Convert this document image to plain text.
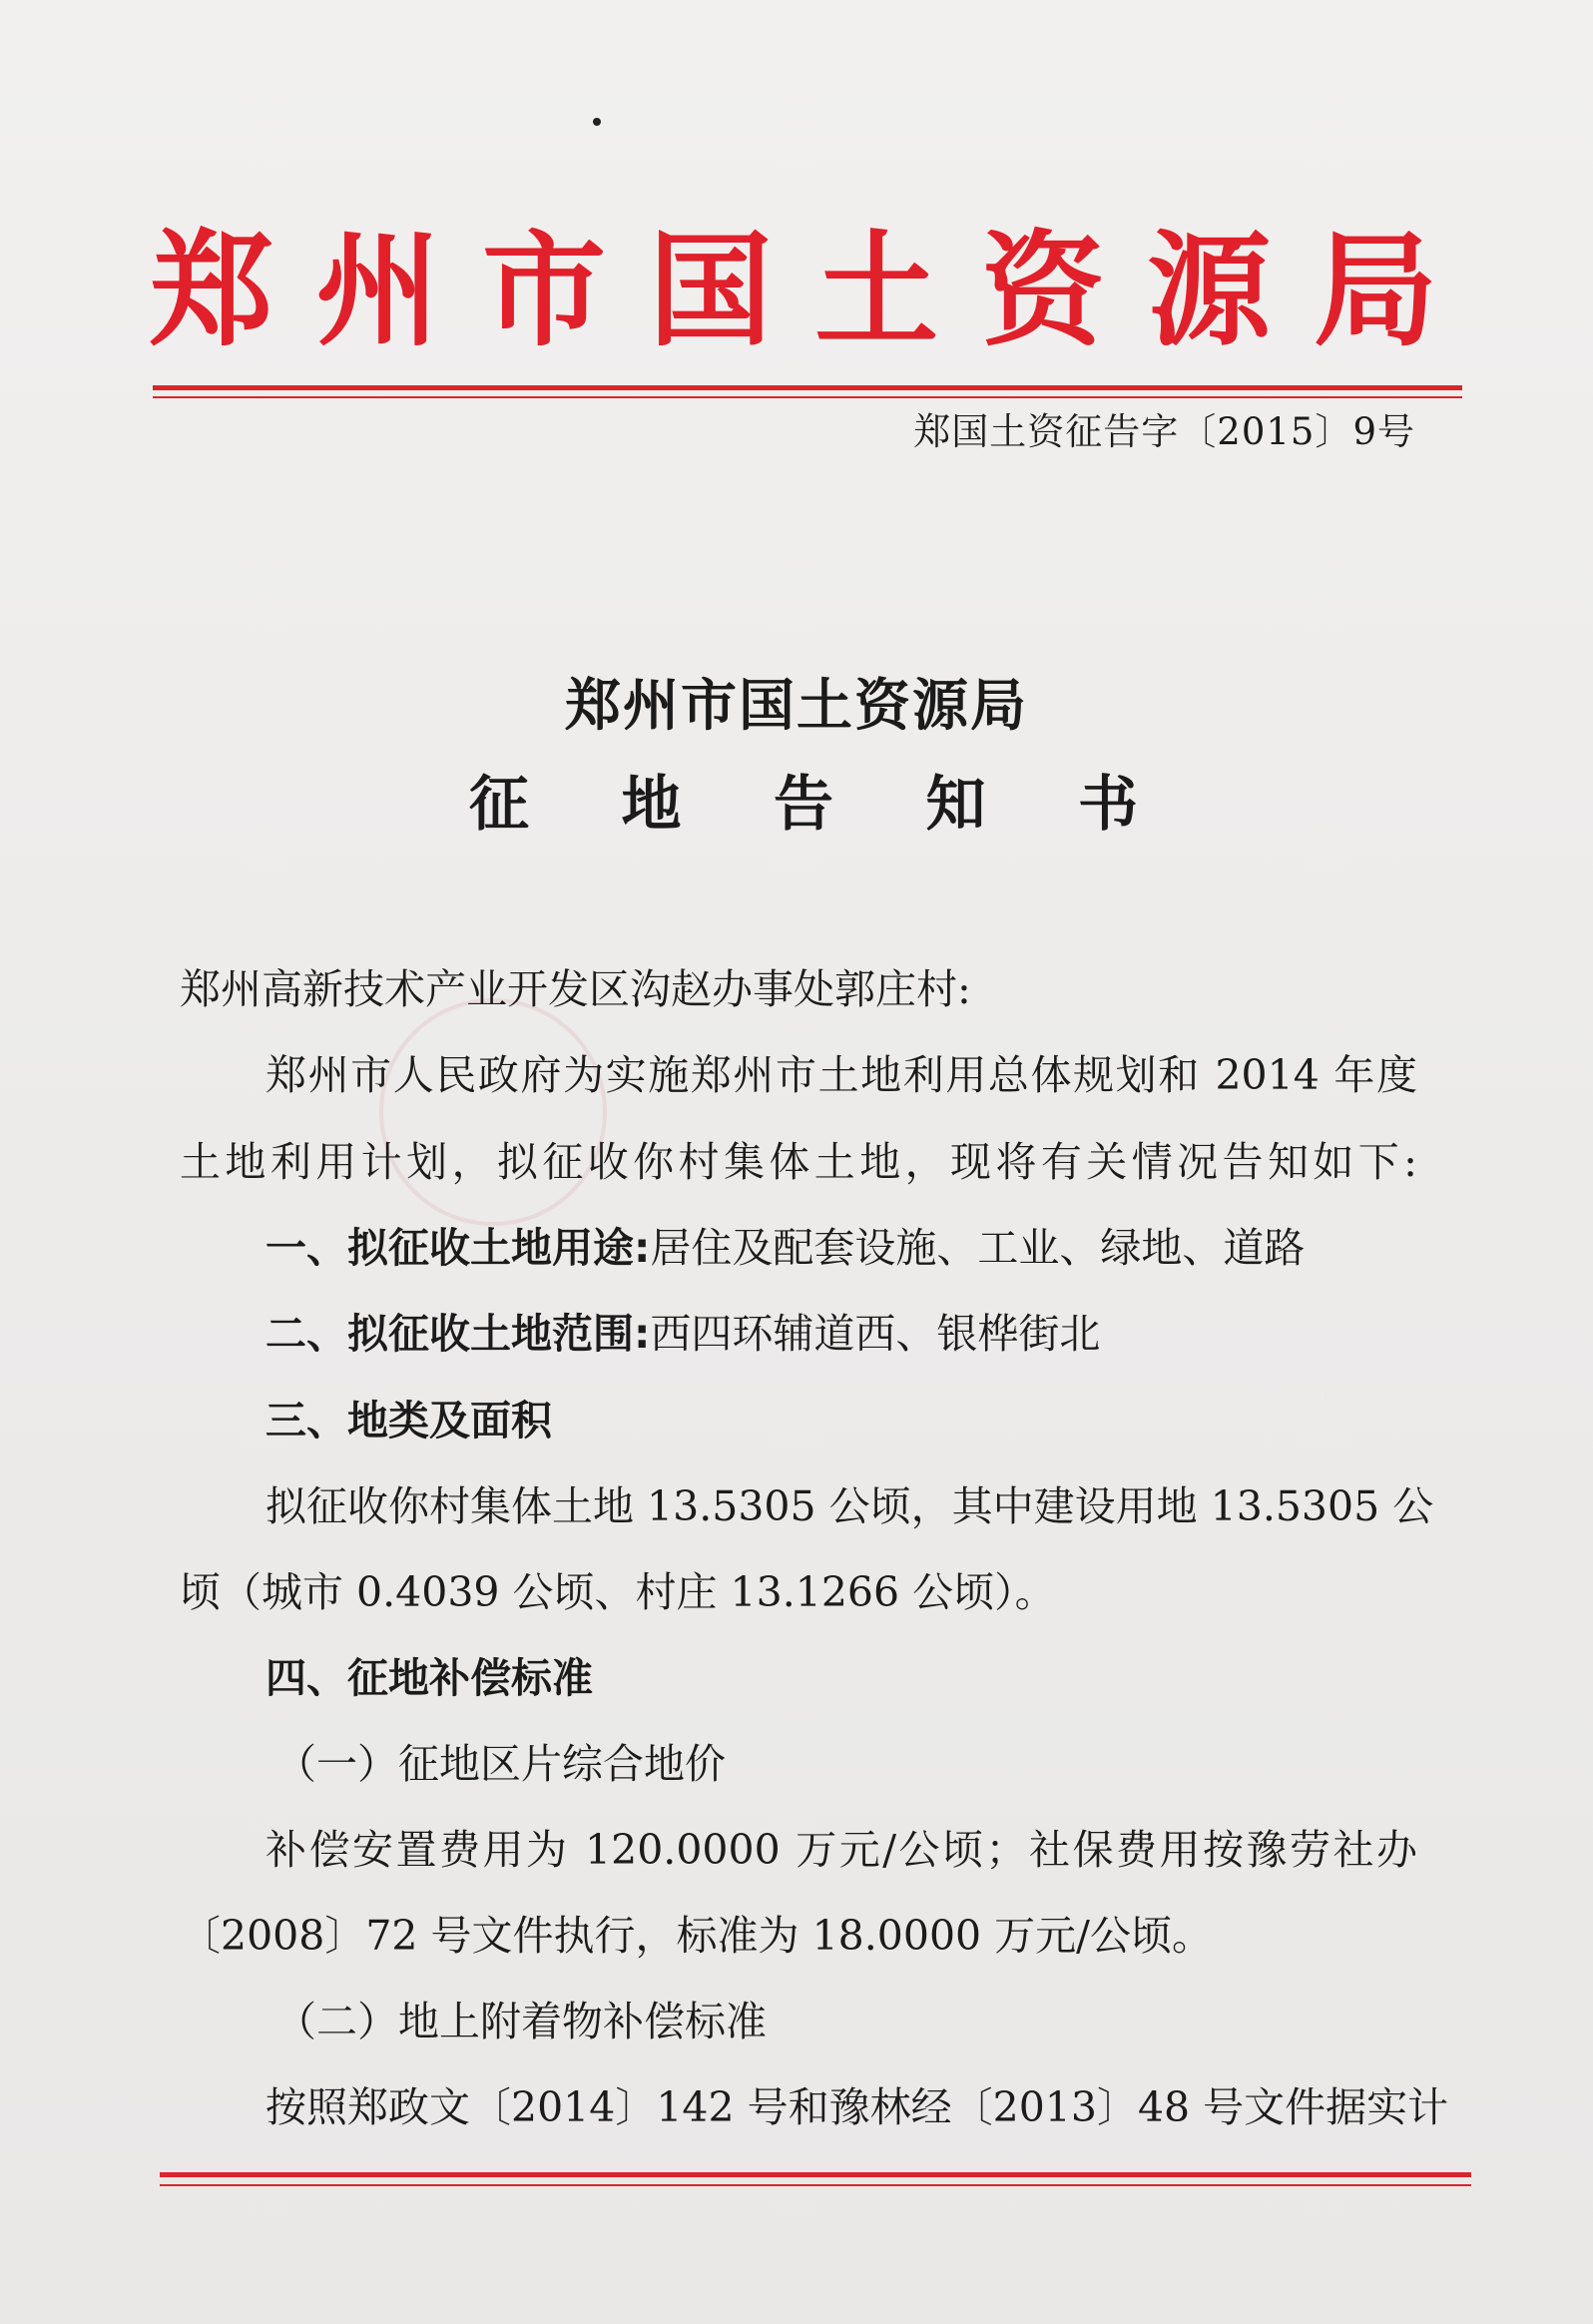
郑 州 市 国 土 资 源 局
郑国土资征告字〔2015〕9号
郑州市国土资源局
征 地 告 知 书
郑州高新技术产业开发区沟赵办事处郭庄村:
郑州市人民政府为实施郑州市土地利用总体规划和 2014 年度
土地利用计划，拟征收你村集体土地，现将有关情况告知如下:
一、拟征收土地用途:居住及配套设施、工业、绿地、道路
二、拟征收土地范围:西四环辅道西、银桦街北
三、地类及面积
拟征收你村集体土地 13.5305 公顷，其中建设用地 13.5305 公
顷（城市 0.4039 公顷、村庄 13.1266 公顷）。
四、征地补偿标准
（一）征地区片综合地价
补偿安置费用为 120.0000 万元/公顷；社保费用按豫劳社办
〔2008〕72 号文件执行，标准为 18.0000 万元/公顷。
（二）地上附着物补偿标准
按照郑政文〔2014〕142 号和豫林经〔2013〕48 号文件据实计
